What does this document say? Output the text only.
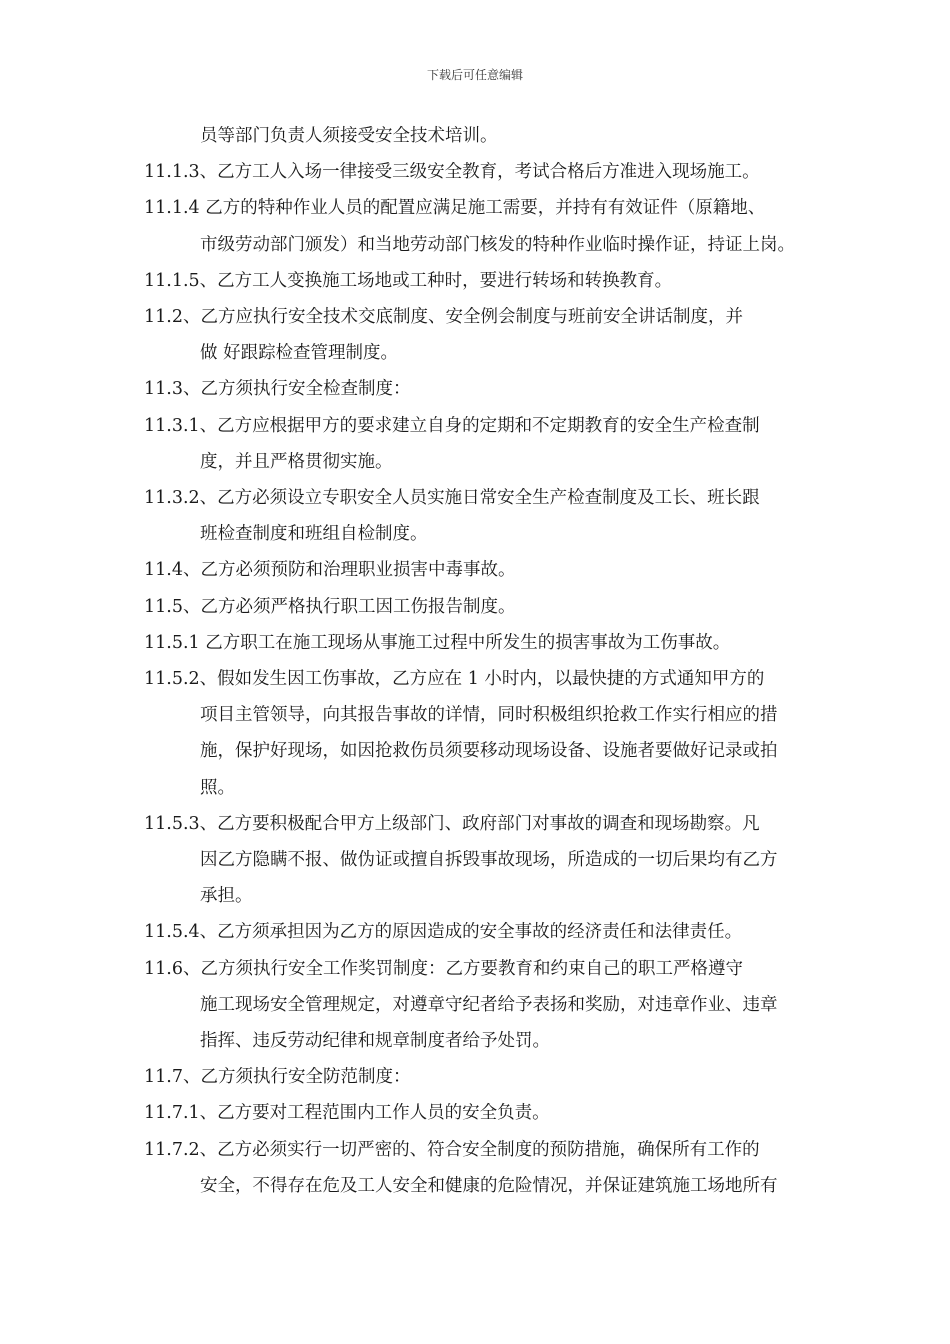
下载后可任意编辑

员等部门负责人须接受安全技术培训。

11.1.3、乙方工人入场一律接受三级安全教育，考试合格后方准进入现场施工。

11.1.4 乙方的特种作业人员的配置应满足施工需要，并持有有效证件（原籍地、
市级劳动部门颁发）和当地劳动部门核发的特种作业临时操作证，持证上岗。

11.1.5、乙方工人变换施工场地或工种时，要进行转场和转换教育。

11.2、乙方应执行安全技术交底制度、安全例会制度与班前安全讲话制度，并
做 好跟踪检查管理制度。

11.3、乙方须执行安全检查制度：

11.3.1、乙方应根据甲方的要求建立自身的定期和不定期教育的安全生产检查制
度，并且严格贯彻实施。

11.3.2、乙方必须设立专职安全人员实施日常安全生产检查制度及工长、班长跟
班检查制度和班组自检制度。

11.4、乙方必须预防和治理职业损害中毒事故。

11.5、乙方必须严格执行职工因工伤报告制度。

11.5.1 乙方职工在施工现场从事施工过程中所发生的损害事故为工伤事故。

11.5.2、假如发生因工伤事故，乙方应在 1 小时内，以最快捷的方式通知甲方的
项目主管领导，向其报告事故的详情，同时积极组织抢救工作实行相应的措
施，保护好现场，如因抢救伤员须要移动现场设备、设施者要做好记录或拍
照。

11.5.3、乙方要积极配合甲方上级部门、政府部门对事故的调查和现场勘察。凡
因乙方隐瞒不报、做伪证或擅自拆毁事故现场，所造成的一切后果均有乙方
承担。

11.5.4、乙方须承担因为乙方的原因造成的安全事故的经济责任和法律责任。

11.6、乙方须执行安全工作奖罚制度：乙方要教育和约束自己的职工严格遵守
施工现场安全管理规定，对遵章守纪者给予表扬和奖励，对违章作业、违章
指挥、违反劳动纪律和规章制度者给予处罚。

11.7、乙方须执行安全防范制度：

11.7.1、乙方要对工程范围内工作人员的安全负责。

11.7.2、乙方必须实行一切严密的、符合安全制度的预防措施，确保所有工作的
安全，不得存在危及工人安全和健康的危险情况，并保证建筑施工场地所有
